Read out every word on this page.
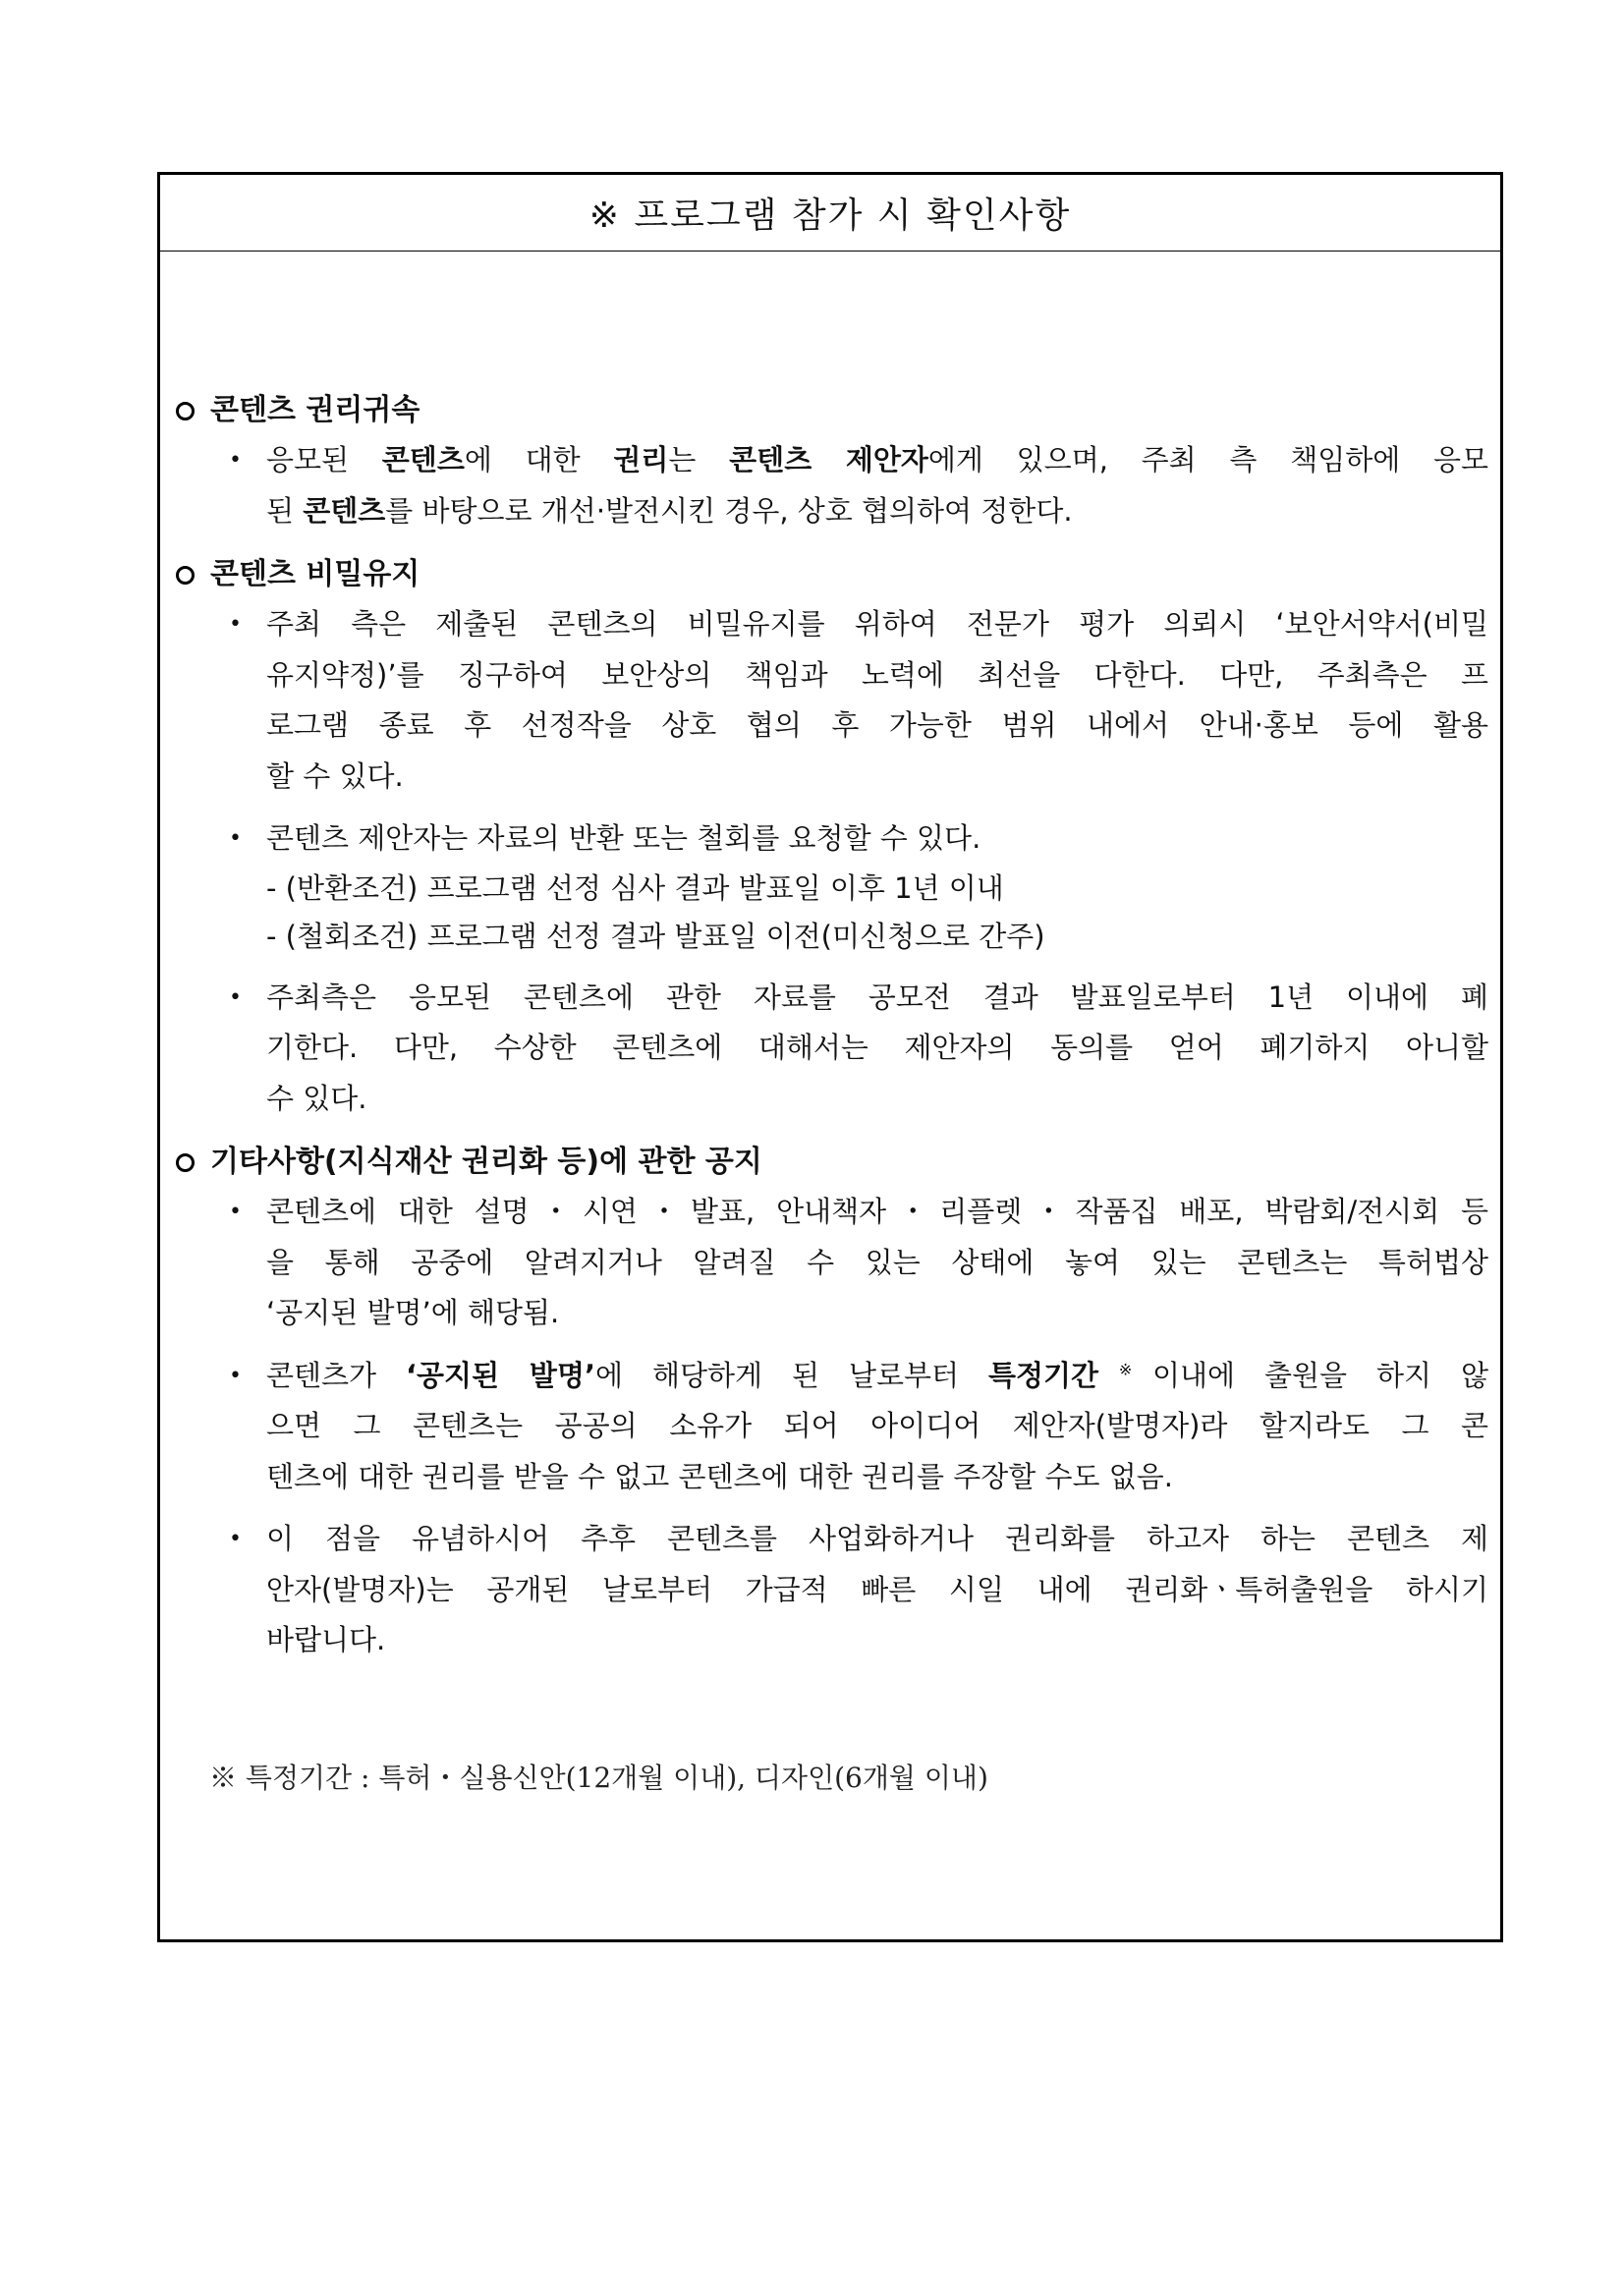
※ 프로그램 참가 시 확인사항
콘텐츠 권리귀속
• 응모된 콘텐츠에 대한 권리는 콘텐츠 제안자에게 있으며, 주최 측 책임하에 응모
된 콘텐츠를 바탕으로 개선·발전시킨 경우, 상호 협의하여 정한다.
콘텐츠 비밀유지
• 주최 측은 제출된 콘텐츠의 비밀유지를 위하여 전문가 평가 의뢰시 ‘보안서약서(비밀
유지약정)’를 징구하여 보안상의 책임과 노력에 최선을 다한다. 다만, 주최측은 프
로그램 종료 후 선정작을 상호 협의 후 가능한 범위 내에서 안내·홍보 등에 활용
할 수 있다.
• 콘텐츠 제안자는 자료의 반환 또는 철회를 요청할 수 있다.
- (반환조건) 프로그램 선정 심사 결과 발표일 이후 1년 이내
- (철회조건) 프로그램 선정 결과 발표일 이전(미신청으로 간주)
• 주최측은 응모된 콘텐츠에 관한 자료를 공모전 결과 발표일로부터 1년 이내에 폐
기한다. 다만, 수상한 콘텐츠에 대해서는 제안자의 동의를 얻어 폐기하지 아니할
수 있다.
기타사항(지식재산 권리화 등)에 관한 공지
• 콘텐츠에 대한 설명・시연・발표, 안내책자・리플렛・작품집 배포, 박람회/전시회 등
을 통해 공중에 알려지거나 알려질 수 있는 상태에 놓여 있는 콘텐츠는 특허법상
‘공지된 발명’에 해당됨.
• 콘텐츠가 ‘공지된 발명’에 해당하게 된 날로부터 특정기간※이내에 출원을 하지 않
으면 그 콘텐츠는 공공의 소유가 되어 아이디어 제안자(발명자)라 할지라도 그 콘
텐츠에 대한 권리를 받을 수 없고 콘텐츠에 대한 권리를 주장할 수도 없음.
• 이 점을 유념하시어 추후 콘텐츠를 사업화하거나 권리화를 하고자 하는 콘텐츠 제
안자(발명자)는 공개된 날로부터 가급적 빠른 시일 내에 권리화ㆍ특허출원을 하시기
바랍니다.
※ 특정기간 : 특허・실용신안(12개월 이내), 디자인(6개월 이내)
